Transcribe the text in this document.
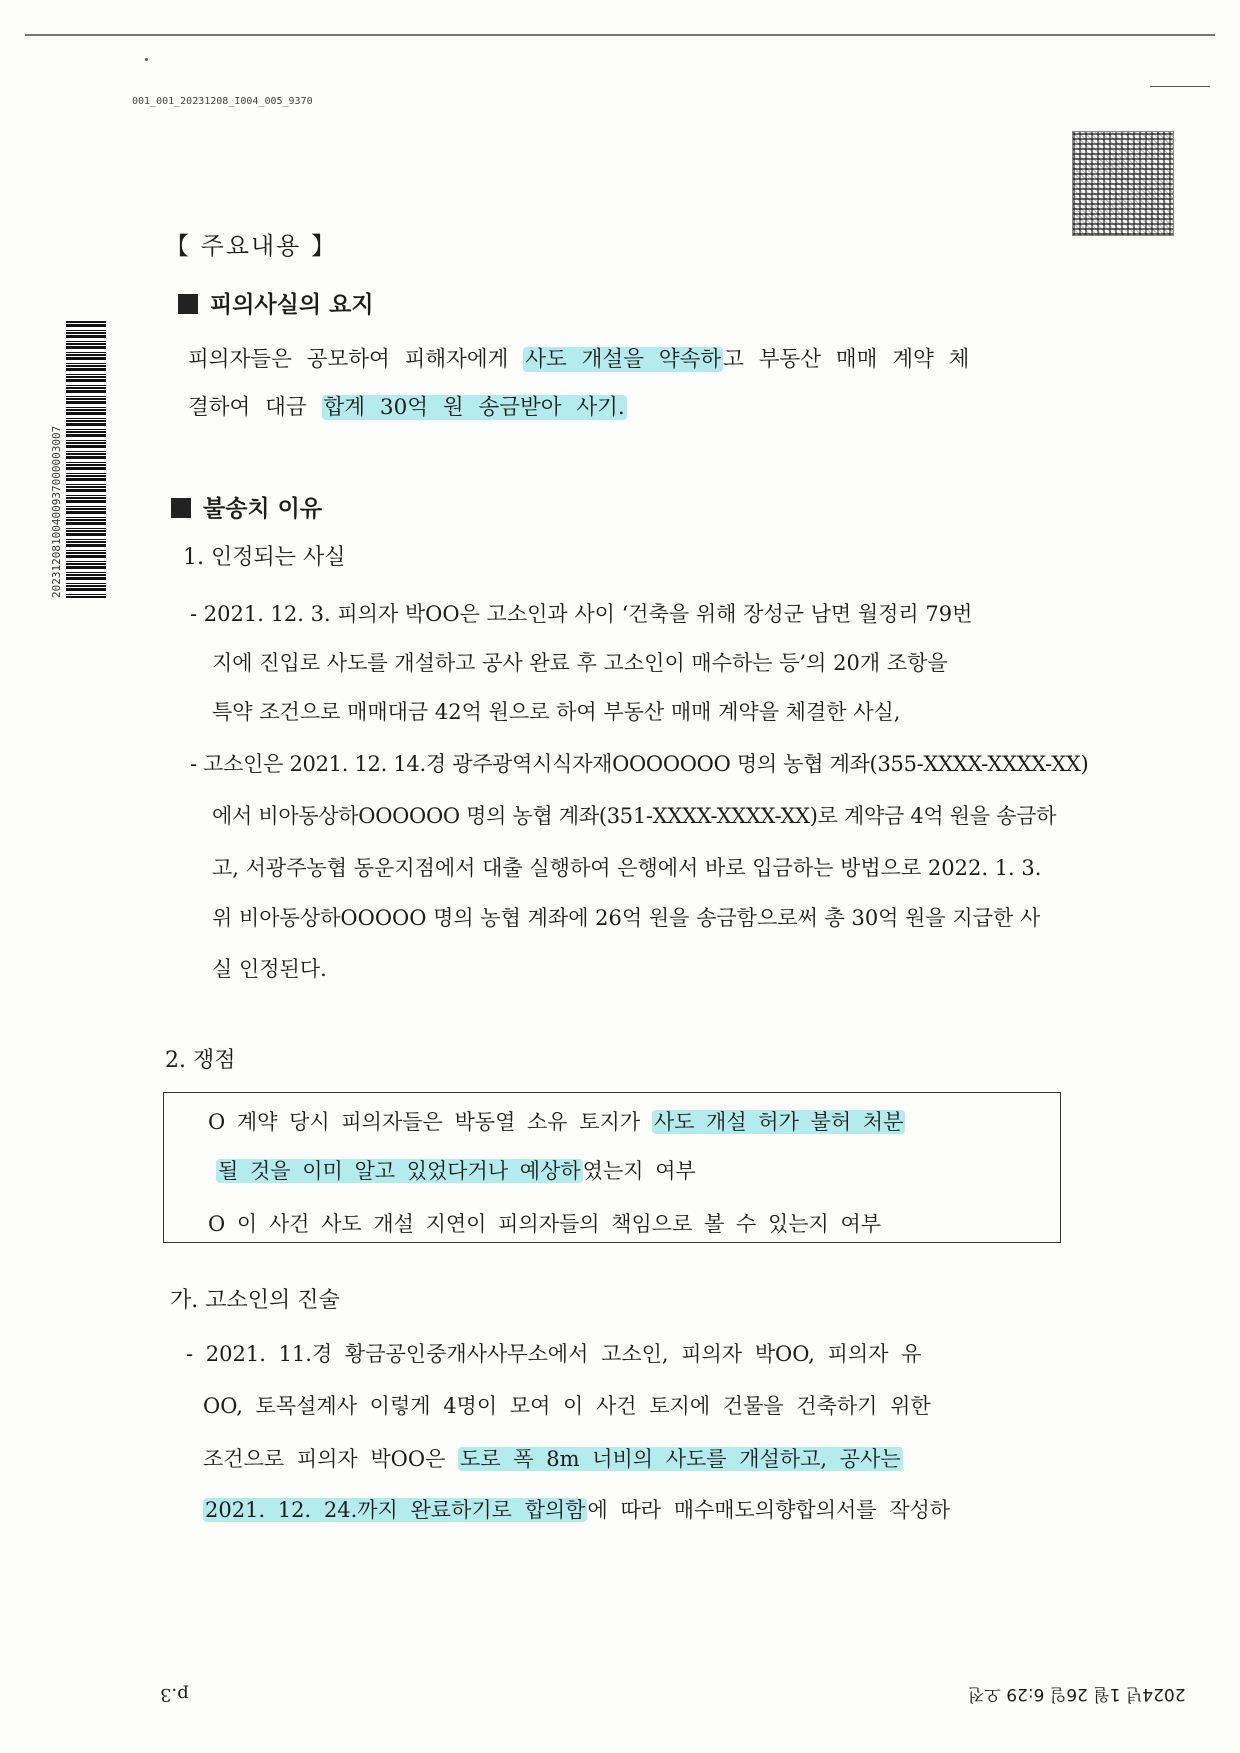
001_001_20231208_I004_005_9370
20231208100400937000003007
【 주요내용 】
피의사실의 요지
피의자들은 공모하여 피해자에게 사도 개설을 약속하고 부동산 매매 계약 체
결하여 대금 합계 30억 원 송금받아 사기.
불송치 이유
1. 인정되는 사실
- 2021. 12. 3. 피의자 박OO은 고소인과 사이 ‘건축을 위해 장성군 남면 월정리 79번
지에 진입로 사도를 개설하고 공사 완료 후 고소인이 매수하는 등’의 20개 조항을
특약 조건으로 매매대금 42억 원으로 하여 부동산 매매 계약을 체결한 사실,
- 고소인은 2021. 12. 14.경 광주광역시식자재OOOOOOO 명의 농협 계좌(355-XXXX-XXXX-XX)
에서 비아동상하OOOOOO 명의 농협 계좌(351-XXXX-XXXX-XX)로 계약금 4억 원을 송금하
고, 서광주농협 동운지점에서 대출 실행하여 은행에서 바로 입금하는 방법으로 2022. 1. 3.
위 비아동상하OOOOO 명의 농협 계좌에 26억 원을 송금함으로써 총 30억 원을 지급한 사
실 인정된다.
2. 쟁점
O 계약 당시 피의자들은 박동열 소유 토지가 사도 개설 허가 불허 처분
될 것을 이미 알고 있었다거나 예상하였는지 여부
O 이 사건 사도 개설 지연이 피의자들의 책임으로 볼 수 있는지 여부
가. 고소인의 진술
- 2021. 11.경 황금공인중개사사무소에서 고소인, 피의자 박OO, 피의자 유
OO, 토목설계사 이렇게 4명이 모여 이 사건 토지에 건물을 건축하기 위한
조건으로 피의자 박OO은 도로 폭 8m 너비의 사도를 개설하고, 공사는
2021. 12. 24.까지 완료하기로 합의함에 따라 매수매도의향합의서를 작성하
p.3	2024년 1월 26일 6:29 오전
